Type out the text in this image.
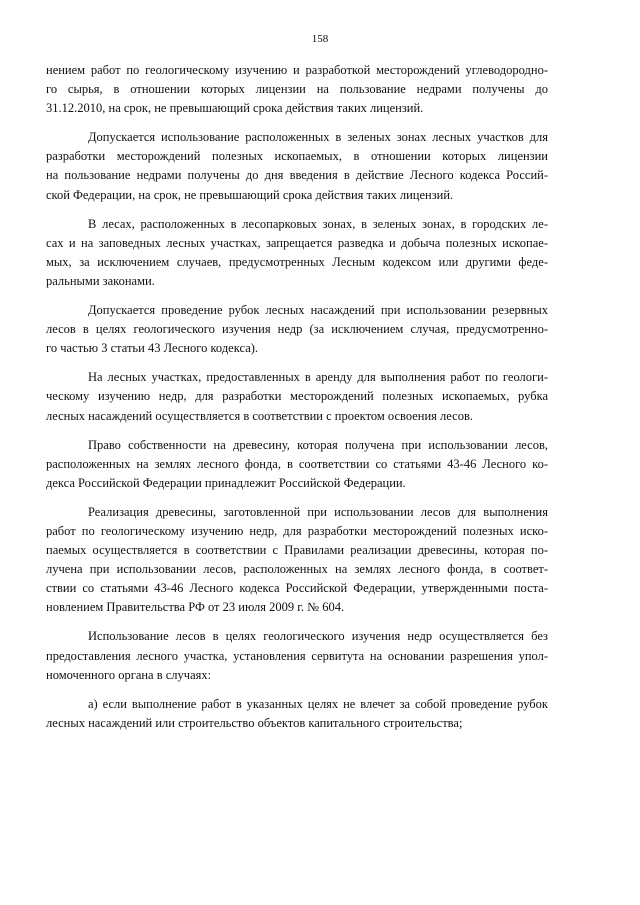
158
нением работ по геологическому изучению и разработкой месторождений углеводородно-
го сырья, в отношении которых лицензии на пользование недрами получены до
31.12.2010, на срок, не превышающий срока действия таких лицензий.
Допускается использование расположенных в зеленых зонах лесных участков для
разработки месторождений полезных ископаемых, в отношении которых лицензии
на пользование недрами получены до дня введения в действие Лесного кодекса Россий-
ской Федерации, на срок, не превышающий срока действия таких лицензий.
В лесах, расположенных в лесопарковых зонах, в зеленых зонах, в городских ле-
сах и на заповедных лесных участках, запрещается разведка и добыча полезных ископае-
мых, за исключением случаев, предусмотренных Лесным кодексом или другими феде-
ральными законами.
Допускается проведение рубок лесных насаждений при использовании резервных
лесов в целях геологического изучения недр (за исключением случая, предусмотренно-
го частью 3 статьи 43 Лесного кодекса).
На лесных участках, предоставленных в аренду для выполнения работ по геологи-
ческому изучению недр, для разработки месторождений полезных ископаемых, рубка
лесных насаждений осуществляется в соответствии с проектом освоения лесов.
Право собственности на древесину, которая получена при использовании лесов,
расположенных на землях лесного фонда, в соответствии со статьями 43-46 Лесного ко-
декса Российской Федерации принадлежит Российской Федерации.
Реализация древесины, заготовленной при использовании лесов для выполнения
работ по геологическому изучению недр, для разработки месторождений полезных иско-
паемых осуществляется в соответствии с Правилами реализации древесины, которая по-
лучена при использовании лесов, расположенных на землях лесного фонда, в соответ-
ствии со статьями 43-46 Лесного кодекса Российской Федерации, утвержденными поста-
новлением Правительства РФ от 23 июля 2009 г. № 604.
Использование лесов в целях геологического изучения недр осуществляется без
предоставления лесного участка, установления сервитута на основании разрешения упол-
номоченного органа в случаях:
а) если выполнение работ в указанных целях не влечет за собой проведение рубок
лесных насаждений или строительство объектов капитального строительства;
